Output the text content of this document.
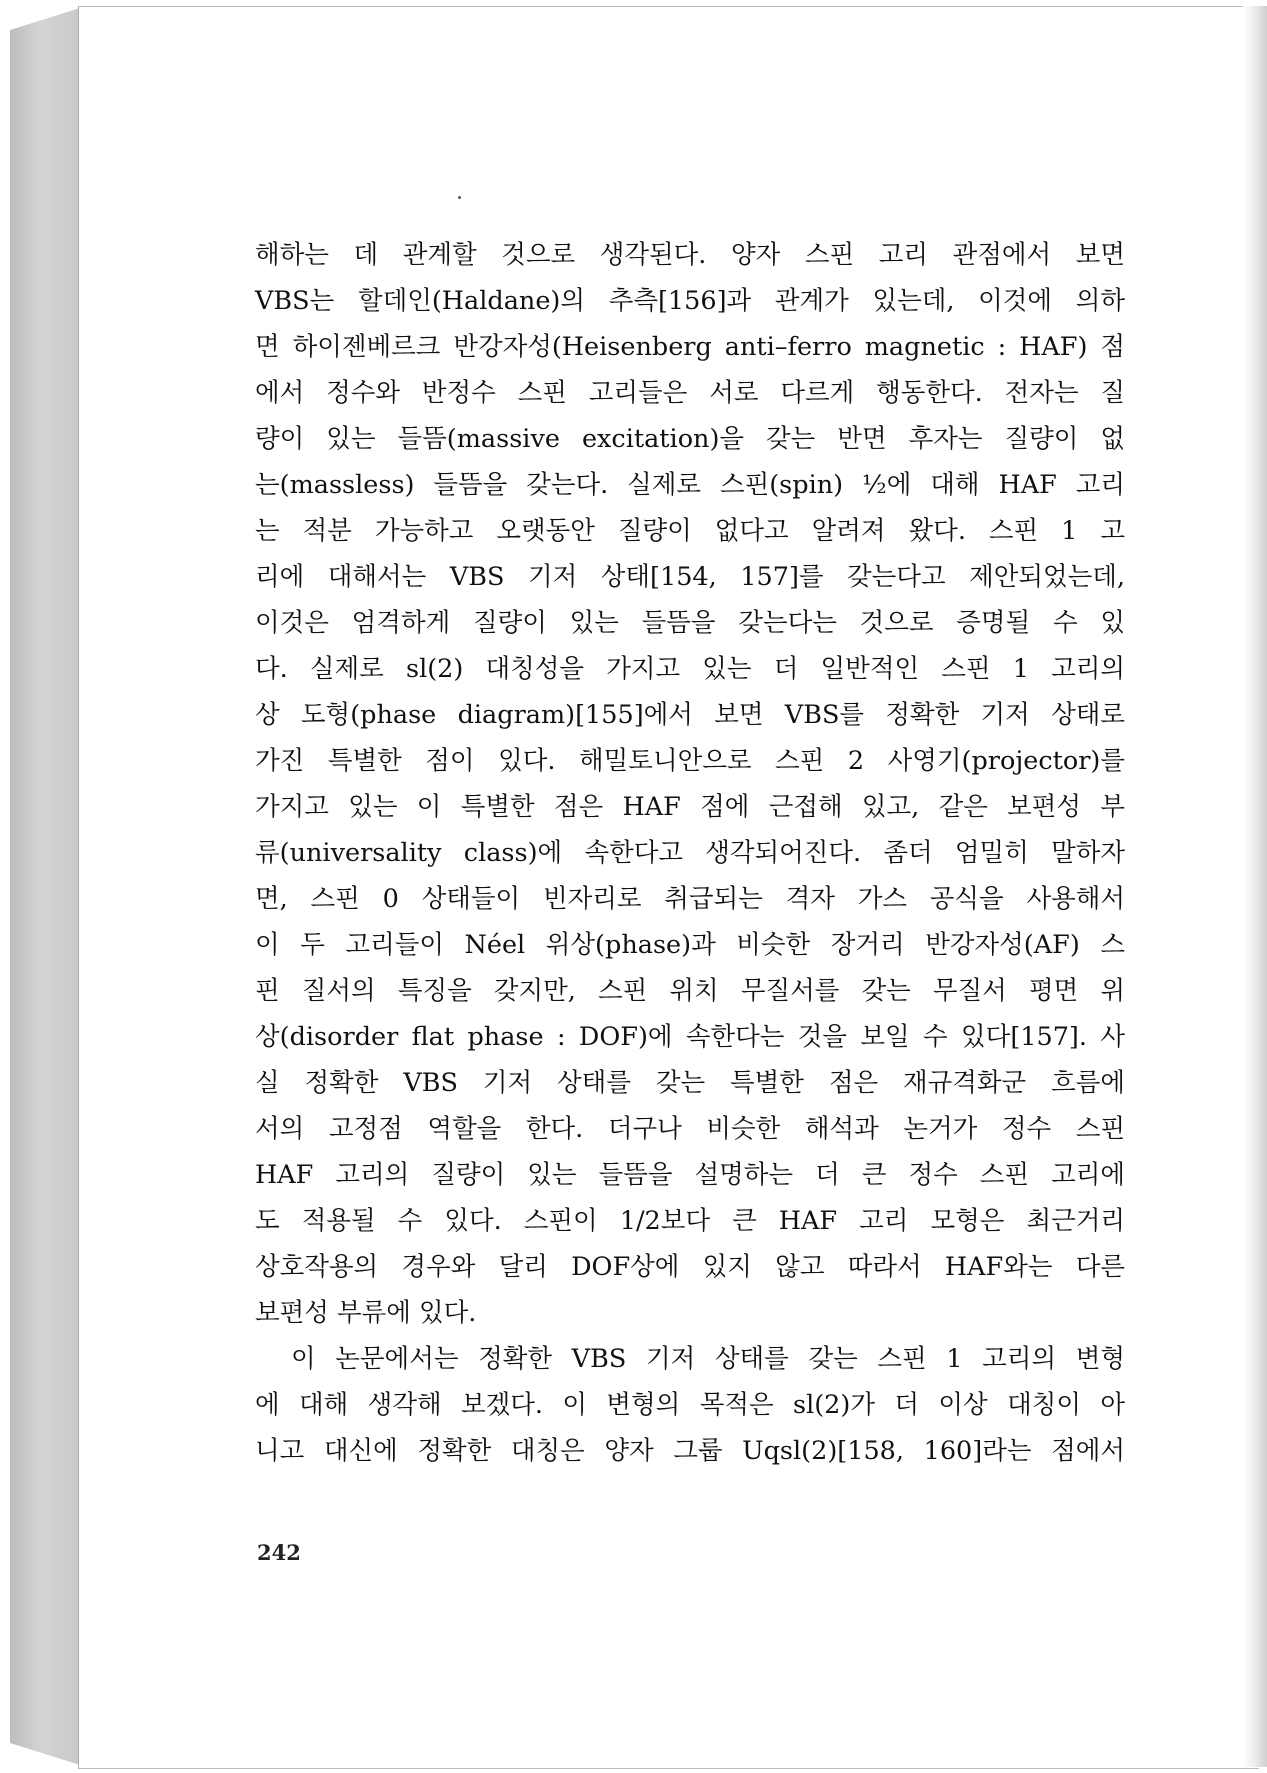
해하는 데 관계할 것으로 생각된다. 양자 스핀 고리 관점에서 보면
VBS는 할데인(Haldane)의 추측[156]과 관계가 있는데, 이것에 의하
면 하이젠베르크 반강자성(Heisenberg anti–ferro magnetic : HAF) 점
에서 정수와 반정수 스핀 고리들은 서로 다르게 행동한다. 전자는 질
량이 있는 들뜸(massive excitation)을 갖는 반면 후자는 질량이 없
는(massless) 들뜸을 갖는다. 실제로 스핀(spin) ½에 대해 HAF 고리
는 적분 가능하고 오랫동안 질량이 없다고 알려져 왔다. 스핀 1 고
리에 대해서는 VBS 기저 상태[154, 157]를 갖는다고 제안되었는데,
이것은 엄격하게 질량이 있는 들뜸을 갖는다는 것으로 증명될 수 있
다. 실제로 sl(2) 대칭성을 가지고 있는 더 일반적인 스핀 1 고리의
상 도형(phase diagram)[155]에서 보면 VBS를 정확한 기저 상태로
가진 특별한 점이 있다. 해밀토니안으로 스핀 2 사영기(projector)를
가지고 있는 이 특별한 점은 HAF 점에 근접해 있고, 같은 보편성 부
류(universality class)에 속한다고 생각되어진다. 좀더 엄밀히 말하자
면, 스핀 0 상태들이 빈자리로 취급되는 격자 가스 공식을 사용해서
이 두 고리들이 Néel 위상(phase)과 비슷한 장거리 반강자성(AF) 스
핀 질서의 특징을 갖지만, 스핀 위치 무질서를 갖는 무질서 평면 위
상(disorder flat phase : DOF)에 속한다는 것을 보일 수 있다[157]. 사
실 정확한 VBS 기저 상태를 갖는 특별한 점은 재규격화군 흐름에
서의 고정점 역할을 한다. 더구나 비슷한 해석과 논거가 정수 스핀
HAF 고리의 질량이 있는 들뜸을 설명하는 더 큰 정수 스핀 고리에
도 적용될 수 있다. 스핀이 1/2보다 큰 HAF 고리 모형은 최근거리
상호작용의 경우와 달리 DOF상에 있지 않고 따라서 HAF와는 다른
보편성 부류에 있다.
이 논문에서는 정확한 VBS 기저 상태를 갖는 스핀 1 고리의 변형
에 대해 생각해 보겠다. 이 변형의 목적은 sl(2)가 더 이상 대칭이 아
니고 대신에 정확한 대칭은 양자 그룹 Uqsl(2)[158, 160]라는 점에서
242
